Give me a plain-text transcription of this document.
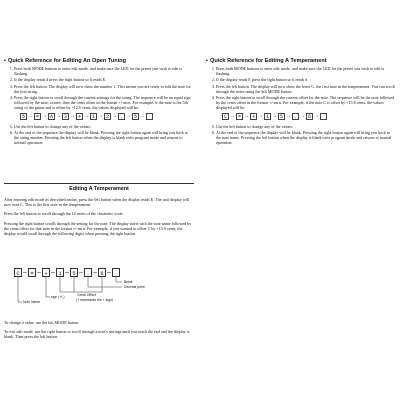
▪ Quick Reference for Editing An Open Tuning
1. Press both MODE buttons to enter edit mode, and make sure the LED for the preset you wish to edit is flashing.
2. If the display reads d press the right button so it reads E.
3. Press the left button. The display will now show the number 1. This means you are ready to edit the note for the first string.
4. Press the right button to scroll through the current settings for the string. The sequence will be an equal sign followed by the note, octave, then the cents offset in the format +/-nn.n. For example, if the note is the 5th string of the guitar and is offset by +12.5 cents, the values displayed will be:
5 → = → A → 3 → + → 1 → 2 → . → 5 →
5. Use the left button to change any of the values.
6. At the end of the sequence the display will be blank. Pressing the right button again will bring you back to the string number. Pressing the left button when the display is blank exits program mode and returns to normal operation.
▪ Quick Reference for Editing A Temperament
1. Press both MODE buttons to enter edit mode, and make sure the LED for the preset you wish to edit is flashing.
2. If the display reads E press the right button so it reads d.
3. Press the left button. The display will now show the letter C, the first note in the temperament. You can scroll through the notes using the left MODE button.
4. Press the right button to scroll through the current offset for the note. The sequence will be the note followed by the cents offset in the format +/-nn.n. For example, if the note C is offset by +15.6 cents, the values displayed will be:
C → = → + → 1 → 5 → . → 6 →
5. Use the left button to change any of the values.
6. At the end of the sequence the display will be blank. Pressing the right button again will bring you back to the note name. Pressing the left button when the display is blank exits program mode and returns to normal operation.
Editing A Temperament

After entering edit mode as described earlier, press the left button when the display reads E. The unit display will now read C. This is the first note in the temperament.

Press the left button to scroll through the 12 notes of the chromatic scale.

Pressing the right button scrolls through the setting for the note. The display starts with the note name followed by the cents offset for that note in the format +/-nn.n. For example, if you wanted to offset C by +15.6 cents, the display would scroll through the following digits when pressing the right button.

C	=	+	1	5	.	6
Blank
Decimal point
Cents Offset
sign (+/-)
(+ represents the + sign)
Note Name

To change a value, use the left MODE button.

To exit edit mode, use the right button to scroll through a note's settings until you reach the end and the display is blank. Then press the left button.
